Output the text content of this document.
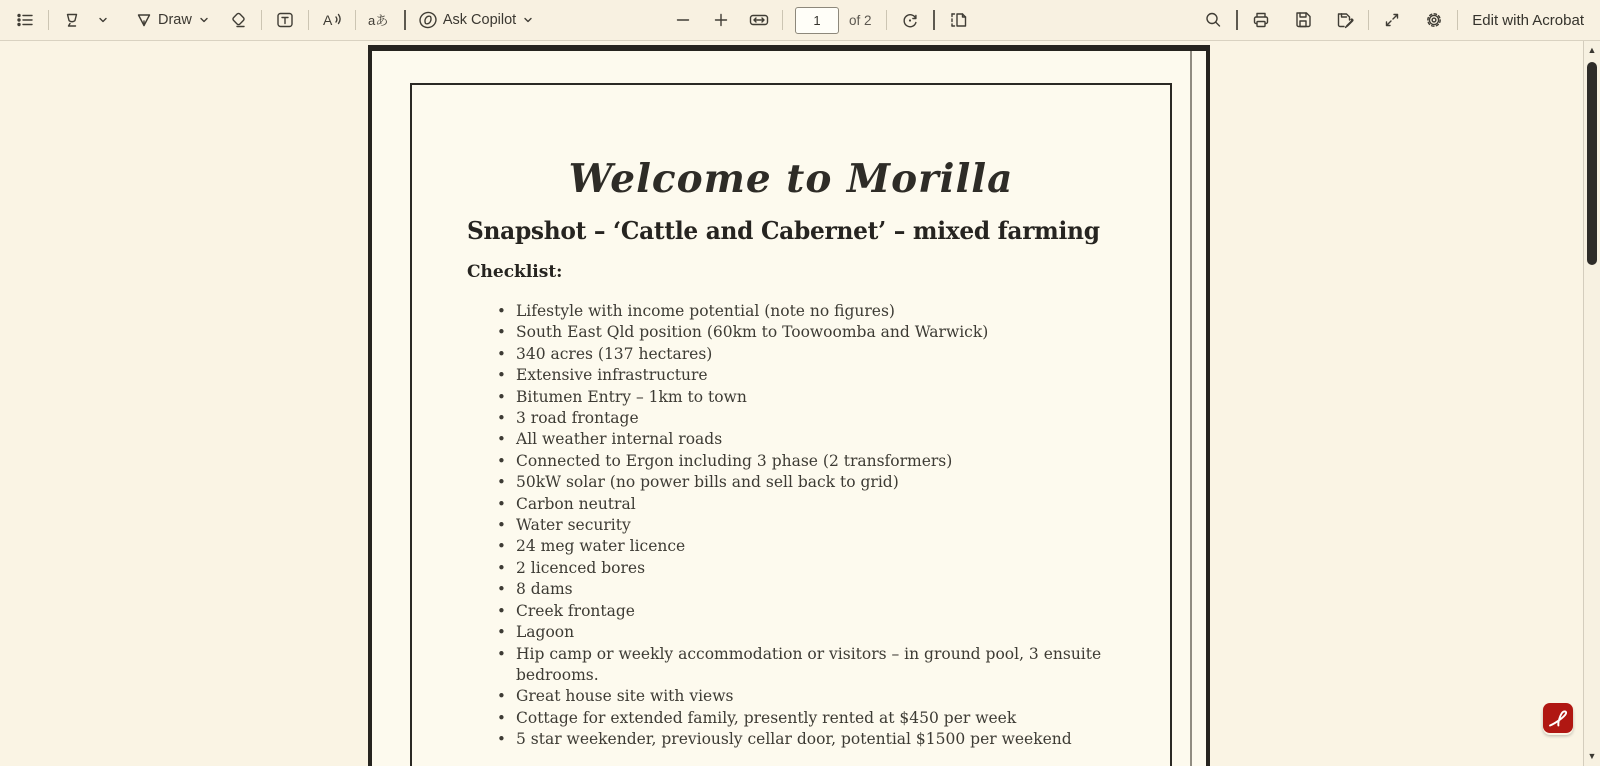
Draw	A	aあ	Ask Copilot
1	of 2	Edit with Acrobat
Welcome to Morilla
Snapshot – ‘Cattle and Cabernet’ – mixed farming
Checklist:
• Lifestyle with income potential (note no figures)
• South East Qld position (60km to Toowoomba and Warwick)
• 340 acres (137 hectares)
• Extensive infrastructure
• Bitumen Entry – 1km to town
• 3 road frontage
• All weather internal roads
• Connected to Ergon including 3 phase (2 transformers)
• 50kW solar (no power bills and sell back to grid)
• Carbon neutral
• Water security
• 24 meg water licence
• 2 licenced bores
• 8 dams
• Creek frontage
• Lagoon
• Hip camp or weekly accommodation or visitors – in ground pool, 3 ensuite bedrooms.
• Great house site with views
• Cottage for extended family, presently rented at $450 per week
• 5 star weekender, previously cellar door, potential $1500 per weekend
▲
▼
